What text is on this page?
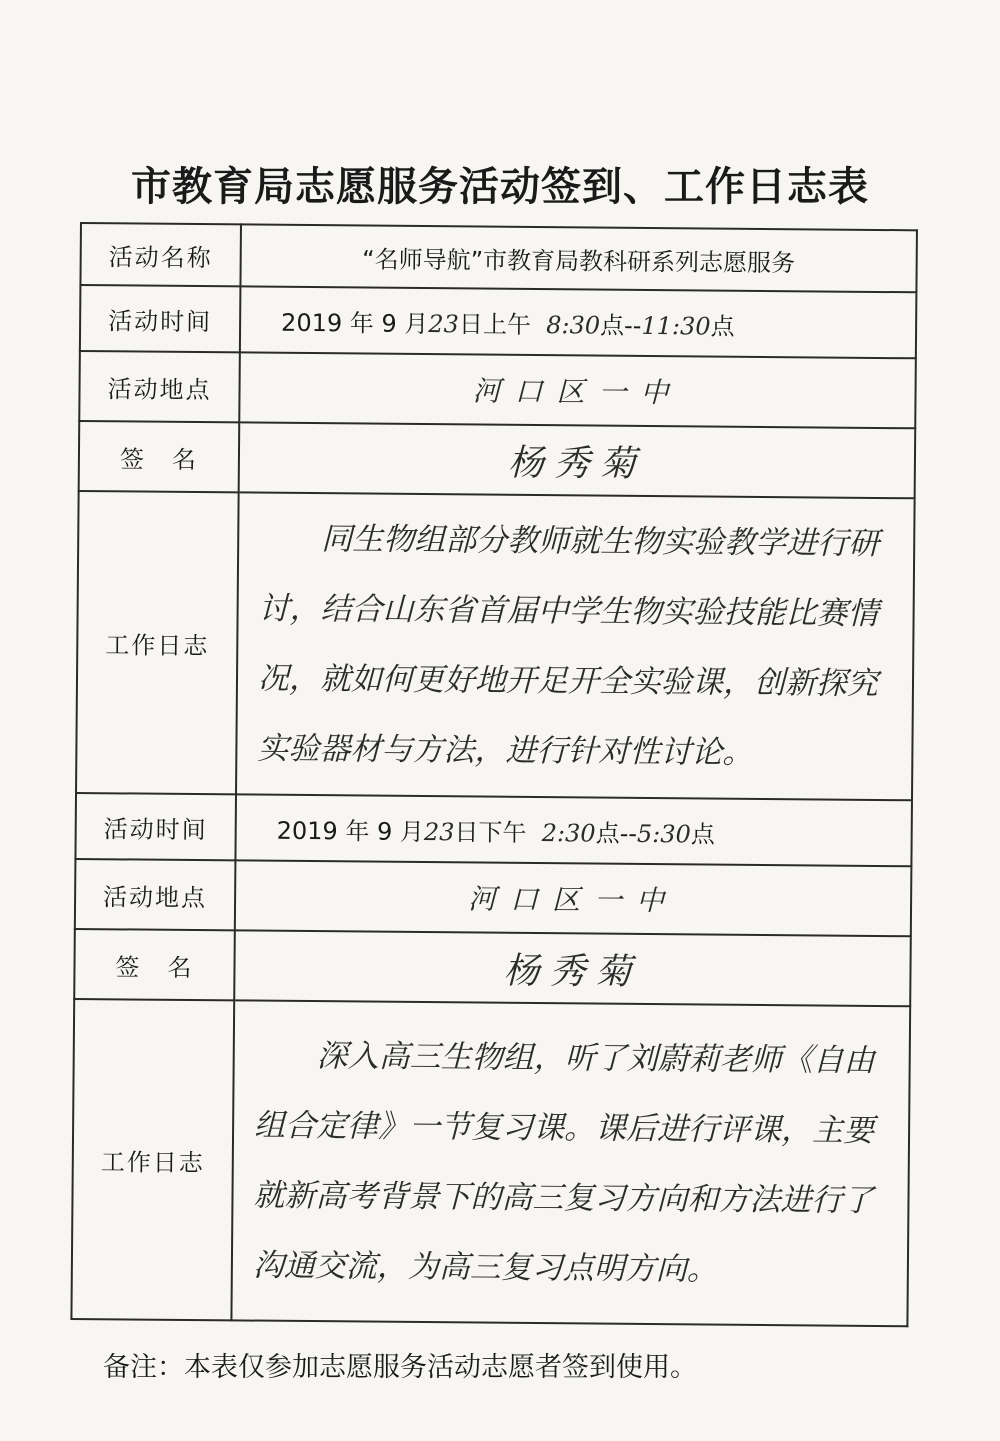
市教育局志愿服务活动签到、工作日志表
活动名称	“名师导航”市教育局教科研系列志愿服务
活动时间	2019 年 9 月23日上午 8:30点--11:30点
活动地点	河口区一中
签　名	杨秀菊
工作日志	同生物组部分教师就生物实验教学进行研讨，结合山东省首届中学生物实验技能比赛情况，就如何更好地开足开全实验课，创新探究实验器材与方法，进行针对性讨论。

活动时间	2019 年 9 月23日下午 2:30点--5:30点
活动地点	河口区一中
签　名	杨秀菊
工作日志	深入高三生物组，听了刘蔚莉老师《自由组合定律》一节复习课。课后进行评课，主要就新高考背景下的高三复习方向和方法进行了沟通交流，为高三复习点明方向。
备注：本表仅参加志愿服务活动志愿者签到使用。
